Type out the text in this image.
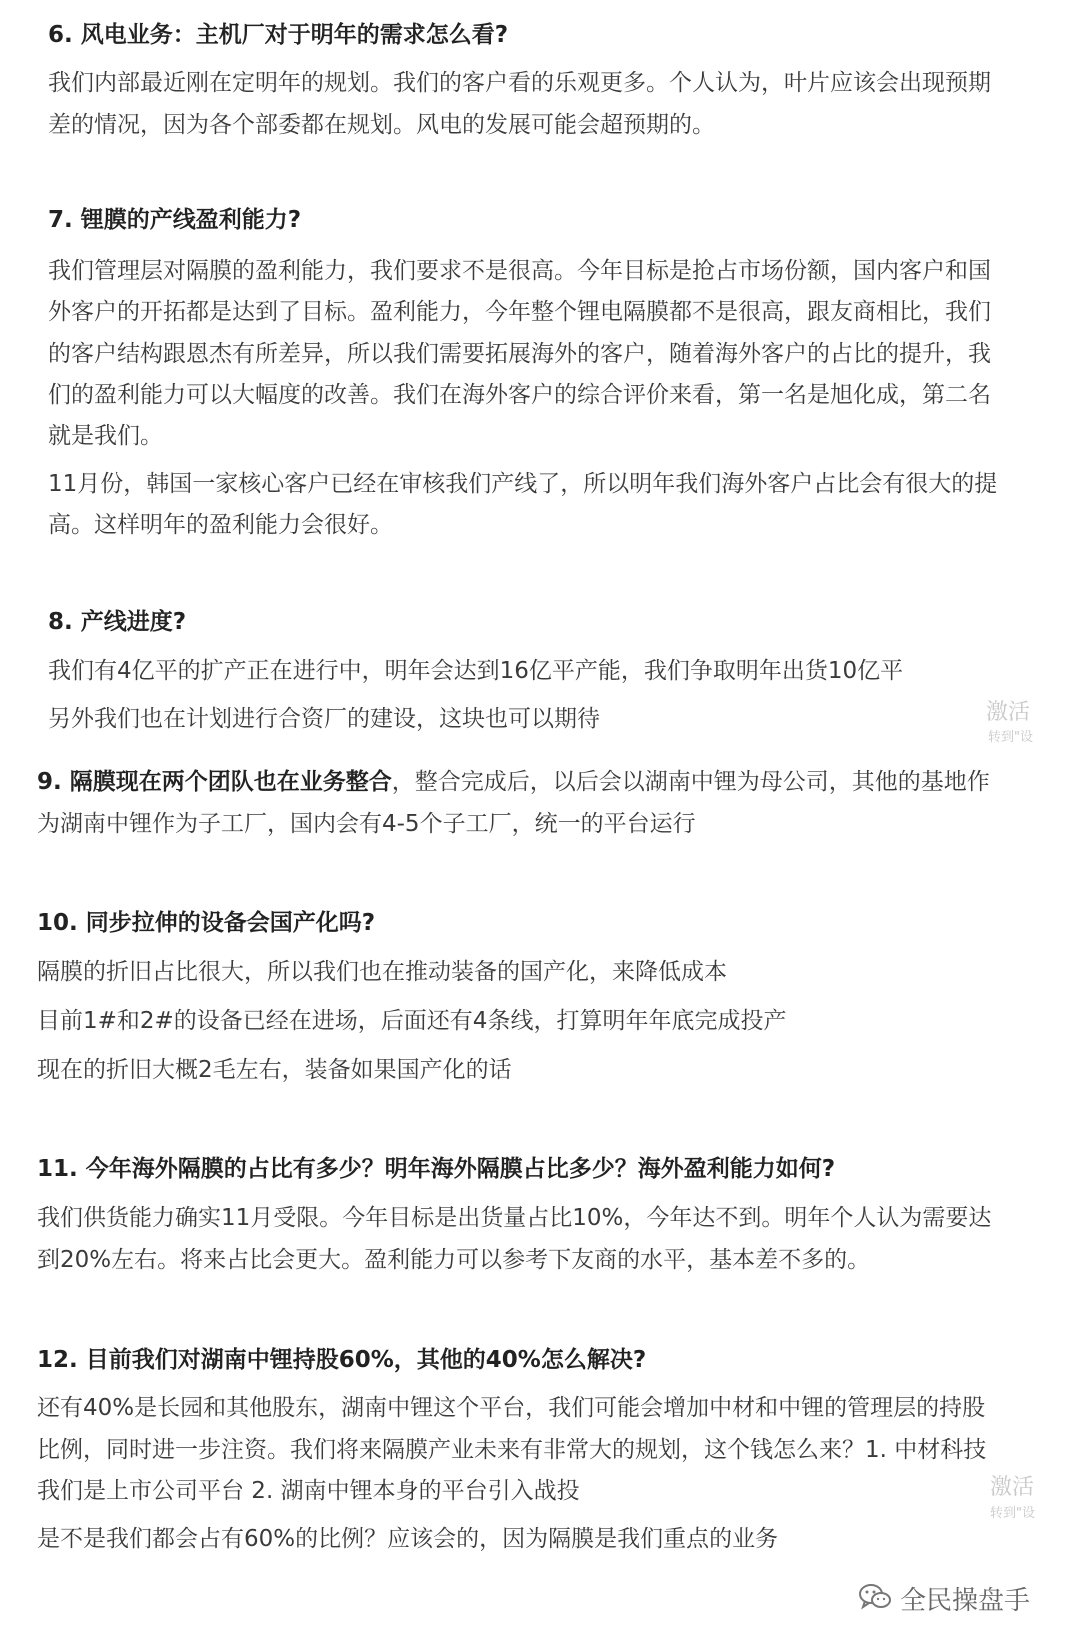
6. 风电业务：主机厂对于明年的需求怎么看?
我们内部最近刚在定明年的规划。我们的客户看的乐观更多。个人认为，叶片应该会出现预期
差的情况，因为各个部委都在规划。风电的发展可能会超预期的。
7. 锂膜的产线盈利能力?
我们管理层对隔膜的盈利能力，我们要求不是很高。今年目标是抢占市场份额，国内客户和国
外客户的开拓都是达到了目标。盈利能力，今年整个锂电隔膜都不是很高，跟友商相比，我们
的客户结构跟恩杰有所差异，所以我们需要拓展海外的客户，随着海外客户的占比的提升，我
们的盈利能力可以大幅度的改善。我们在海外客户的综合评价来看，第一名是旭化成，第二名
就是我们。
11月份，韩国一家核心客户已经在审核我们产线了，所以明年我们海外客户占比会有很大的提
高。这样明年的盈利能力会很好。
8. 产线进度?
我们有4亿平的扩产正在进行中，明年会达到16亿平产能，我们争取明年出货10亿平
另外我们也在计划进行合资厂的建设，这块也可以期待
9. 隔膜现在两个团队也在业务整合，整合完成后，以后会以湖南中锂为母公司，其他的基地作
为湖南中锂作为子工厂，国内会有4-5个子工厂，统一的平台运行
10. 同步拉伸的设备会国产化吗?
隔膜的折旧占比很大，所以我们也在推动装备的国产化，来降低成本
目前1#和2#的设备已经在进场，后面还有4条线，打算明年年底完成投产
现在的折旧大概2毛左右，装备如果国产化的话
11. 今年海外隔膜的占比有多少？明年海外隔膜占比多少？海外盈利能力如何?
我们供货能力确实11月受限。今年目标是出货量占比10%，今年达不到。明年个人认为需要达
到20%左右。将来占比会更大。盈利能力可以参考下友商的水平，基本差不多的。
12. 目前我们对湖南中锂持股60%，其他的40%怎么解决?
还有40%是长园和其他股东，湖南中锂这个平台，我们可能会增加中材和中锂的管理层的持股
比例，同时进一步注资。我们将来隔膜产业未来有非常大的规划，这个钱怎么来？1. 中材科技
我们是上市公司平台 2. 湖南中锂本身的平台引入战投
是不是我们都会占有60%的比例？应该会的，因为隔膜是我们重点的业务
激活
转到"设
激活
转到"设
全民操盘手
